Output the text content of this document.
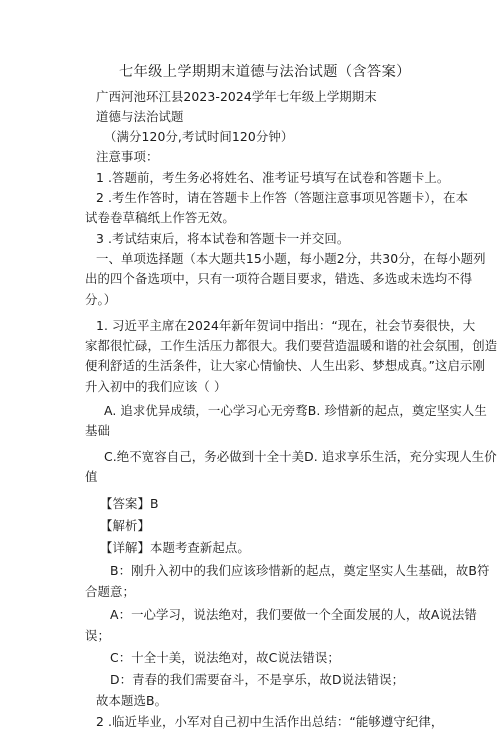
七年级上学期期末道德与法治试题（含答案）
广西河池环江县2023-2024学年七年级上学期期末
道德与法治试题
（满分120分,考试时间120分钟）
注意事项：
1 .答题前，考生务必将姓名、准考证号填写在试卷和答题卡上。
2 .考生作答时，请在答题卡上作答（答题注意事项见答题卡），在本
试卷卷草稿纸上作答无效。
3 .考试结束后，将本试卷和答题卡一并交回。
一、单项选择题（本大题共15小题，每小题2分，共30分，在每小题列
出的四个备选项中，只有一项符合题目要求，错选、多选或未选均不得
分。）
1. 习近平主席在2024年新年贺词中指出：“现在，社会节奏很快，大
家都很忙碌，工作生活压力都很大。我们要营造温暖和谐的社会氛围，创造
便利舒适的生活条件，让大家心情愉快、人生出彩、梦想成真。”这启示刚
升入初中的我们应该（ ）
A. 追求优异成绩，一心学习心无旁骛B. 珍惜新的起点，奠定坚实人生
基础
C.绝不宽容自己，务必做到十全十美D. 追求享乐生活，充分实现人生价
值
【答案】B
【解析】
【详解】本题考查新起点。
B：刚升入初中的我们应该珍惜新的起点，奠定坚实人生基础，故B符
合题意；
A：一心学习，说法绝对，我们要做一个全面发展的人，故A说法错
误；
C：十全十美，说法绝对，故C说法错误；
D：青春的我们需要奋斗，不是享乐，故D说法错误；
故本题选B。
2 .临近毕业，小军对自己初中生活作出总结：“能够遵守纪律，
